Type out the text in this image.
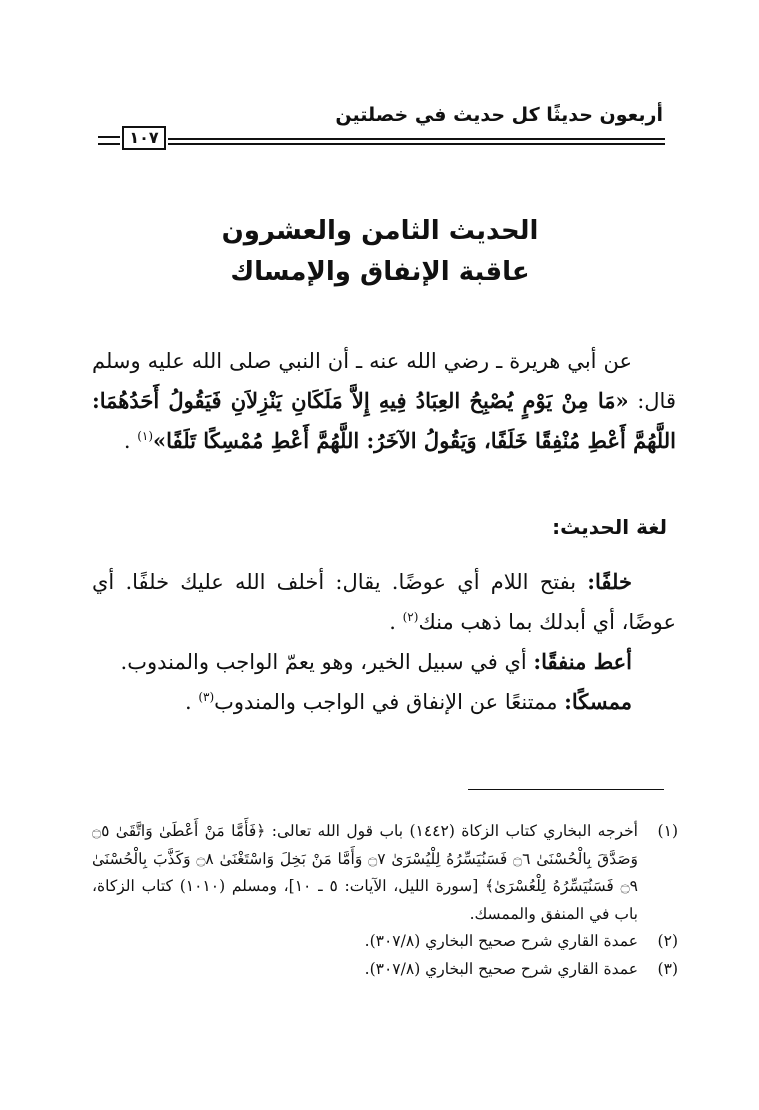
أربعون حديثًا كل حديث في خصلتين
١٠٧
الحديث الثامن والعشرون
عاقبة الإنفاق والإمساك
عن أبي هريرة ـ رضي الله عنه ـ أن النبي صلى الله عليه وسلم قال: «مَا مِنْ يَوْمٍ يُصْبِحُ العِبَادُ فِيهِ إِلاَّ مَلَكَانِ يَنْزِلاَنِ فَيَقُولُ أَحَدُهُمَا: اللَّهُمَّ أَعْطِ مُنْفِقًا خَلَفًا، وَيَقُولُ الآخَرُ: اللَّهُمَّ أَعْطِ مُمْسِكًا تَلَفًا»$^{(١)}$ .
لغة الحديث:
خلفًا: بفتح اللام أي عوضًا. يقال: أخلف الله عليك خلفًا. أي عوضًا، أي أبدلك بما ذهب منك$^{(٢)}$ .
أعط منفقًا: أي في سبيل الخير، وهو يعمّ الواجب والمندوب.
ممسكًا: ممتنعًا عن الإنفاق في الواجب والمندوب$^{(٣)}$ .
(١)
أخرجه البخاري كتاب الزكاة (١٤٤٢) باب قول الله تعالى: ﴿فَأَمَّا مَنْ أَعْطَىٰ وَاتَّقَىٰ ۝٥ وَصَدَّقَ بِالْحُسْنَىٰ ۝٦ فَسَنُيَسِّرُهُ لِلْيُسْرَىٰ ۝٧ وَأَمَّا مَنْ بَخِلَ وَاسْتَغْنَىٰ ۝٨ وَكَذَّبَ بِالْحُسْنَىٰ ۝٩ فَسَنُيَسِّرُهُ لِلْعُسْرَىٰ﴾ [سورة الليل، الآيات: ٥ ـ ١٠]، ومسلم (١٠١٠) كتاب الزكاة، باب في المنفق والممسك.
(٢)
عمدة القاري شرح صحيح البخاري (٣٠٧/٨).
(٣)
عمدة القاري شرح صحيح البخاري (٣٠٧/٨).
